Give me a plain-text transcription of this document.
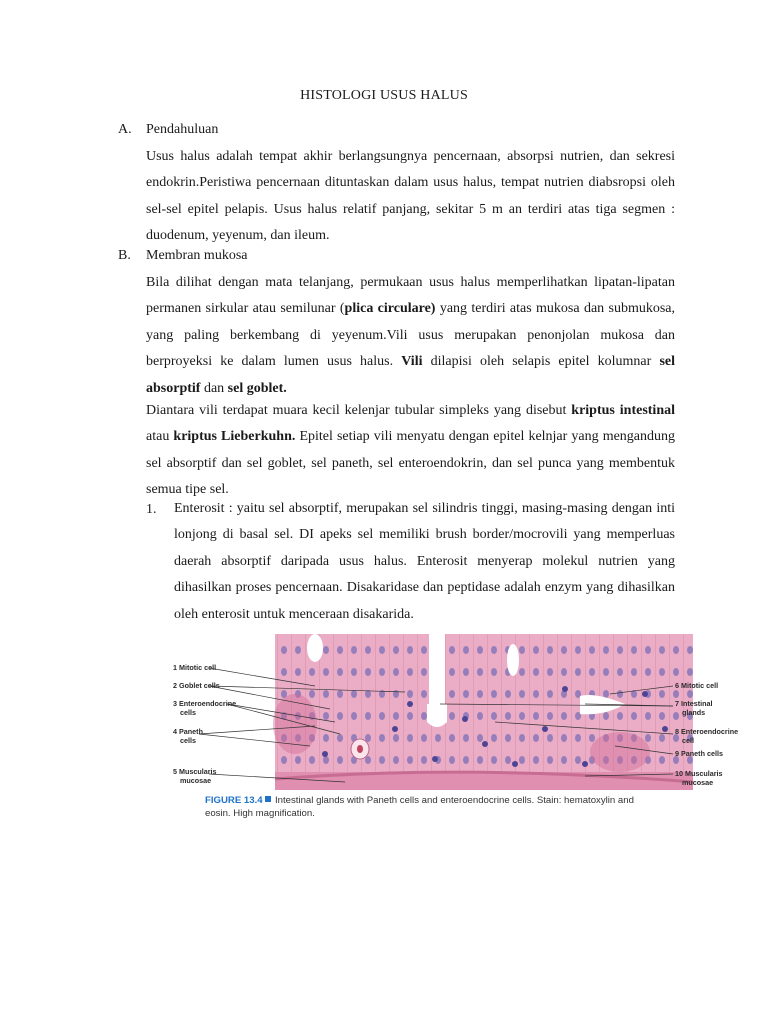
HISTOLOGI USUS HALUS
A. Pendahuluan
Usus halus adalah tempat akhir berlangsungnya pencernaan, absorpsi nutrien, dan sekresi endokrin.Peristiwa pencernaan dituntaskan dalam usus halus, tempat nutrien diabsropsi oleh sel-sel epitel pelapis. Usus halus relatif panjang, sekitar 5 m an terdiri atas tiga segmen : duodenum, yeyenum, dan ileum.
B. Membran mukosa
Bila dilihat dengan mata telanjang, permukaan usus halus memperlihatkan lipatan-lipatan permanen sirkular atau semilunar (plica circulare) yang terdiri atas mukosa dan submukosa, yang paling berkembang di yeyenum.Vili usus merupakan penonjolan mukosa dan berproyeksi ke dalam lumen usus halus. Vili dilapisi oleh selapis epitel kolumnar sel absorptif dan sel goblet.
Diantara vili terdapat muara kecil kelenjar tubular simpleks yang disebut kriptus intestinal atau kriptus Lieberkuhn. Epitel setiap vili menyatu dengan epitel kelnjar yang mengandung sel absorptif dan sel goblet, sel paneth, sel enteroendokrin, dan sel punca yang membentuk semua tipe sel.
1. Enterosit : yaitu sel absorptif, merupakan sel silindris tinggi, masing-masing dengan inti lonjong di basal sel. DI apeks sel memiliki brush border/mocrovili yang memperluas daerah absorptif daripada usus halus. Enterosit menyerap molekul nutrien yang dihasilkan proses pencernaan. Disakaridase dan peptidase adalah enzym yang dihasilkan oleh enterosit untuk menceraan disakarida.
1 Mitotic cell
2 Goblet cells
3 Enteroendocrine
cells
4 Paneth
cells
5 Muscularis
mucosae
6 Mitotic cell
7 Intestinal
glands
8 Enteroendocrine
cell
9 Paneth cells
10 Muscularis
mucosae
FIGURE 13.4 Intestinal glands with Paneth cells and enteroendocrine cells. Stain: hematoxylin and
eosin. High magnification.
